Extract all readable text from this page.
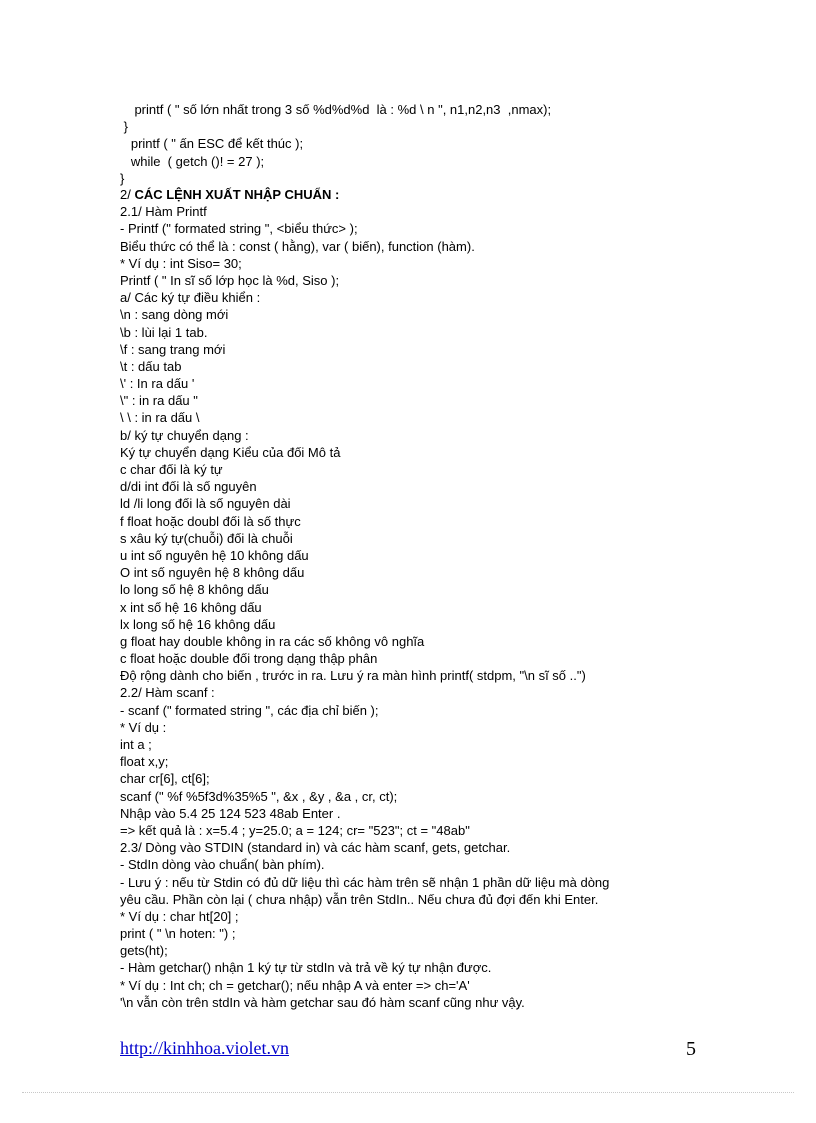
printf ( " số lớn nhất trong 3 số %d%d%d  là : %d \ n ", n1,n2,n3  ,nmax);
}
printf ( " ấn ESC để kết thúc );
while  ( getch ()! = 27 );
}
2/ CÁC LỆNH XUẤT NHẬP CHUẨN :
2.1/ Hàm Printf
- Printf (" formated string ", <biểu thức> );
Biểu thức có thể là : const ( hằng), var ( biến), function (hàm).
* Ví dụ : int Siso= 30;
Printf ( " In sĩ số lớp học là %d, Siso );
a/ Các ký tự điều khiển :
\n : sang dòng mới
\b : lùi lại 1 tab.
\f : sang trang mới
\t : dấu tab
\' : In ra dấu '
\" : in ra dấu "
\ \ : in ra dấu \
b/ ký tự chuyển dạng :
Ký tự chuyển dạng Kiểu của đối Mô tả
c char đối là ký tự
d/di int đối là số nguyên
ld /li long đối là số nguyên dài
f float hoặc doubl đối là số thực
s xâu ký tự(chuỗi) đối là chuỗi
u int số nguyên hệ 10 không dấu
O int số nguyên hệ 8 không dấu
lo long số hệ 8 không dấu
x int số hệ 16 không dấu
lx long số hệ 16 không dấu
g float hay double không in ra các số không vô nghĩa
c float hoặc double đối trong dạng thập phân
Độ rộng dành cho biến , trước in ra. Lưu ý ra màn hình printf( stdpm, "\n sĩ số ..")
2.2/ Hàm scanf :
- scanf (" formated string ", các địa chỉ biến );
* Ví dụ :
int a ;
float x,y;
char cr[6], ct[6];
scanf (" %f %5f3d%35%5 ", &x , &y , &a , cr, ct);
Nhập vào 5.4 25 124 523 48ab Enter .
=> kết quả là : x=5.4 ; y=25.0; a = 124; cr= "523"; ct = "48ab"
2.3/ Dòng vào STDIN (standard in) và các hàm scanf, gets, getchar.
- StdIn dòng vào chuẩn( bàn phím).
- Lưu ý : nếu từ Stdin có đủ dữ liệu thì các hàm trên sẽ nhận 1 phần dữ liệu mà dòng
yêu cầu. Phần còn lại ( chưa nhập) vẫn trên StdIn.. Nếu chưa đủ đợi đến khi Enter.
* Ví dụ : char ht[20] ;
print ( " \n hoten: ") ;
gets(ht);
- Hàm getchar() nhận 1 ký tự từ stdIn và trả về ký tự nhận được.
* Ví dụ : Int ch; ch = getchar(); nếu nhập A và enter => ch='A'
'\n vẫn còn trên stdIn và hàm getchar sau đó hàm scanf cũng như vậy.
http://kinhhoa.violet.vn	5
